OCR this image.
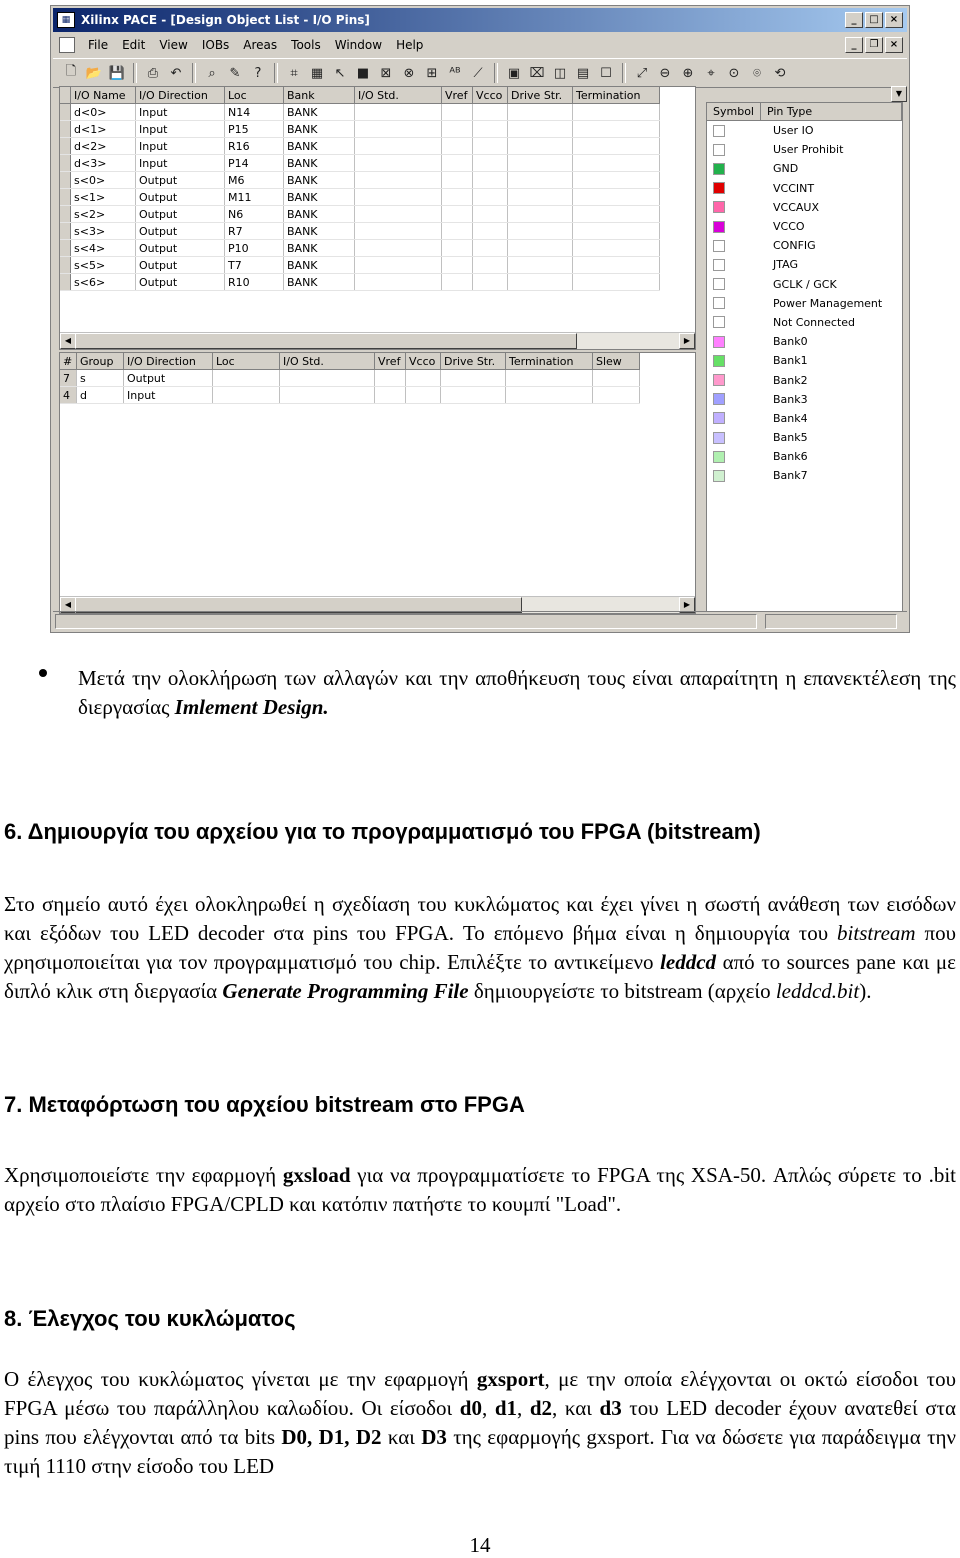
▦ Xilinx PACE - [Design Object List - I/O Pins]	_	□	×
File	Edit	View	IOBs	Areas	Tools	Window	Help	_	❐	×
🗋 📂 💾	⎙ ↶	⌕	✎	?	⌗	▦ ↖ ■ ⊠ ⊗ ⊞ ᴬᴮ ⟋	▣ ⌧ ◫ ▤ ☐	⤢ ⊖ ⊕	⌖	⊙	⌾	⟲
	I/O Name	I/O Direction	Loc	Bank	I/O Std.	Vref	Vcco	Drive Str.	Termination
	d<0>	Input	N14	BANK					
	d<1>	Input	P15	BANK					
	d<2>	Input	R16	BANK					
	d<3>	Input	P14	BANK					
	s<0>	Output	M6	BANK					
	s<1>	Output	M11	BANK					
	s<2>	Output	N6	BANK					
	s<3>	Output	R7	BANK					
	s<4>	Output	P10	BANK					
	s<5>	Output	T7	BANK					
	s<6>	Output	R10	BANK					
◀	▶
#	Group	I/O Direction	Loc	I/O Std.	Vref	Vcco	Drive Str.	Termination	Slew
7	s	Output							
4	d	Input							
◀	▶
▼
Symbol	Pin Type
User IO
User Prohibit
GND
VCCINT
VCCAUX
VCCO
CONFIG
JTAG
GCLK / GCK
Power Management
Not Connected
Bank0
Bank1
Bank2
Bank3
Bank4
Bank5
Bank6
Bank7
Μετά την ολοκλήρωση των αλλαγών και την αποθήκευση τους είναι απαραίτητη η επανεκτέλεση της διεργασίας Imlement Design.
6. Δημιουργία του αρχείου για το προγραμματισμό του FPGA (bitstream)
Στο σημείο αυτό έχει ολοκληρωθεί η σχεδίαση του κυκλώματος και έχει γίνει η σωστή ανάθεση των εισόδων και εξόδων του LED decoder στα pins του FPGA. Το επόμενο βήμα είναι η δημιουργία του bitstream που χρησιμοποιείται για τον προγραμματισμό του chip. Επιλέξτε το αντικείμενο leddcd από το sources pane και με διπλό κλικ στη διεργασία Generate Programming File δημιουργείστε το bitstream (αρχείο leddcd.bit).
7. Μεταφόρτωση του αρχείου bitstream στο FPGA
Χρησιμοποιείστε την εφαρμογή gxsload για να προγραμματίσετε το FPGA της XSA-50. Απλώς σύρετε το .bit αρχείο στο πλαίσιο FPGA/CPLD και κατόπιν πατήστε το κουμπί "Load".
8. Έλεγχος του κυκλώματος
Ο έλεγχος του κυκλώματος γίνεται με την εφαρμογή gxsport, με την οποία ελέγχονται οι οκτώ είσοδοι του FPGA μέσω του παράλληλου καλωδίου. Οι είσοδοι d0, d1, d2, και d3 του LED decoder έχουν ανατεθεί στα pins που ελέγχονται από τα bits D0, D1, D2 και D3 της εφαρμογής gxsport. Για να δώσετε για παράδειγμα την τιμή 1110 στην είσοδο του LED
14
